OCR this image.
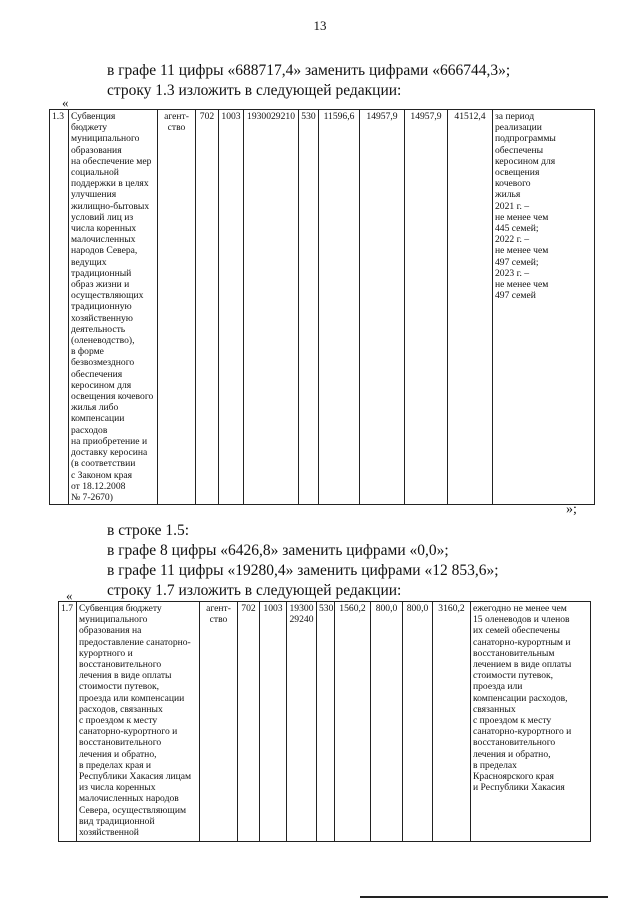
13
в графе 11 цифры «688717,4» заменить цифрами «666744,3»;
строку 1.3 изложить в следующей редакции:
«
1.3	Субвенция
бюджету
муниципального
образования
на обеспечение мер
социальной
поддержки в целях
улучшения
жилищно-бытовых
условий лиц из
числа коренных
малочисленных
народов Севера,
ведущих
традиционный
образ жизни и
осуществляющих
традиционную
хозяйственную
деятельность
(оленеводство),
в форме
безвозмездного
обеспечения
керосином для
освещения кочевого
жилья либо
компенсации
расходов
на приобретение и
доставку керосина
(в соответствии
с Законом края
от 18.12.2008
№ 7-2670)	агент-
ство	702	1003	1930029210	530	11596,6	14957,9	14957,9	41512,4	за период
реализации
подпрограммы
обеспечены
керосином для
освещения
кочевого
жилья
2021 г. –
не менее чем
445 семей;
2022 г. –
не менее чем
497 семей;
2023 г. –
не менее чем
497 семей
»;
в строке 1.5:
в графе 8 цифры «6426,8» заменить цифрами «0,0»;
в графе 11 цифры «19280,4» заменить цифрами «12 853,6»;
строку 1.7 изложить в следующей редакции:
«
1.7	Субвенция бюджету
муниципального
образования на
предоставление санаторно-
курортного и
восстановительного
лечения в виде оплаты
стоимости путевок,
проезда или компенсации
расходов, связанных
с проездом к месту
санаторно-курортного и
восстановительного
лечения и обратно,
в пределах края и
Республики Хакасия лицам
из числа коренных
малочисленных народов
Севера, осуществляющим
вид традиционной
хозяйственной	агент-
ство	702	1003	19300
29240	530	1560,2	800,0	800,0	3160,2	ежегодно не менее чем
15 оленеводов и членов
их семей обеспечены
санаторно-курортным и
восстановительным
лечением в виде оплаты
стоимости путевок,
проезда или
компенсации расходов,
связанных
с проездом к месту
санаторно-курортного и
восстановительного
лечения и обратно,
в пределах
Красноярского края
и Республики Хакасия
